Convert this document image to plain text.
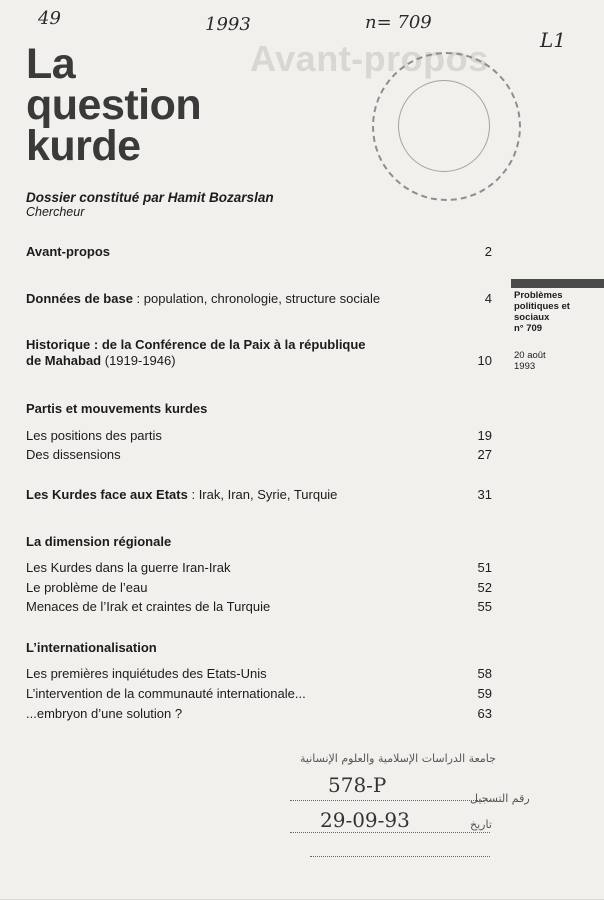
49	1993	n= 709
L1
Avant-propos
La
question
kurde
Dossier constitué par Hamit Bozarslan
Chercheur
Avant-propos	2
Données de base : population, chronologie, structure sociale	4
Historique : de la Conférence de la Paix à la république
de Mahabad (1919-1946)	10
Partis et mouvements kurdes
Les positions des partis	19
Des dissensions	27
Les Kurdes face aux Etats : Irak, Iran, Syrie, Turquie	31
La dimension régionale
Les Kurdes dans la guerre Iran-Irak	51
Le problème de l’eau	52
Menaces de l’Irak et craintes de la Turquie	55
L’internationalisation
Les premières inquiétudes des Etats-Unis	58
L’intervention de la communauté internationale...	59
...embryon d’une solution ?	63
Problèmes
politiques et
sociaux
n° 709
20 août
1993
جامعة الدراسات الإسلامية والعلوم الإنسانية
رقم التسجيل
578-P
تاريخ
29-09-93
